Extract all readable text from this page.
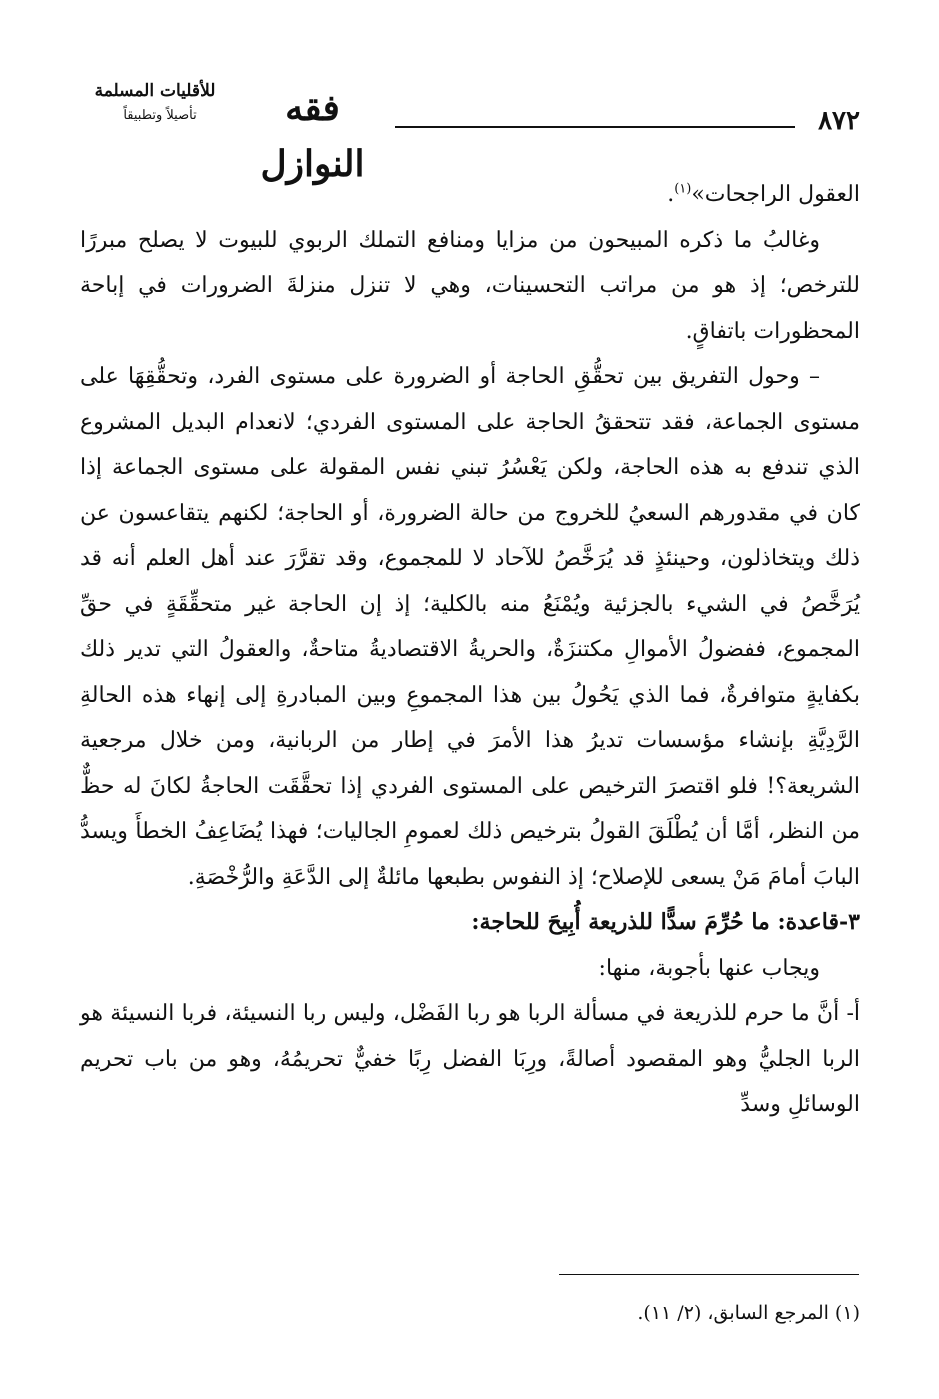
فقه النوازل
للأقليات المسلمة
تأصيلاً وتطبيقاً	٨٧٢

العقول الراجحات»$^{(١)}$.

وغالبُ ما ذكره المبيحون من مزايا ومنافع التملك الربوي للبيوت لا يصلح مبررًا للترخص؛ إذ هو من مراتب التحسينات، وهي لا تنزل منزلةَ الضرورات في إباحة المحظورات باتفاقٍ.

– وحول التفريق بين تحقُّقِ الحاجة أو الضرورة على مستوى الفرد، وتحقُّقِهَا على مستوى الجماعة، فقد تتحققُ الحاجة على المستوى الفردي؛ لانعدام البديل المشروع الذي تندفع به هذه الحاجة، ولكن يَعْسُرُ تبني نفس المقولة على مستوى الجماعة إذا كان في مقدورهم السعيُ للخروج من حالة الضرورة، أو الحاجة؛ لكنهم يتقاعسون عن ذلك ويتخاذلون، وحينئذٍ قد يُرَخَّصُ للآحاد لا للمجموع، وقد تقرَّرَ عند أهل العلم أنه قد يُرَخَّصُ في الشيء بالجزئية ويُمْنَعُ منه بالكلية؛ إذ إن الحاجة غير متحقِّقَةٍ في حقِّ المجموع، ففضولُ الأموالِ مكتنزَةٌ، والحريةُ الاقتصاديةُ متاحةٌ، والعقولُ التي تدير ذلك بكفايةٍ متوافرةٌ، فما الذي يَحُولُ بين هذا المجموعِ وبين المبادرةِ إلى إنهاء هذه الحالةِ الرَّدِيَّةِ بإنشاء مؤسسات تديرُ هذا الأمرَ في إطار من الربانية، ومن خلال مرجعية الشريعة؟! فلو اقتصرَ الترخيص على المستوى الفردي إذا تحقَّقَت الحاجةُ لكانَ له حظٌّ من النظر، أمَّا أن يُطْلَقَ القولُ بترخيص ذلك لعمومِ الجاليات؛ فهذا يُضَاعِفُ الخطأَ ويسدُّ البابَ أمامَ مَنْ يسعى للإصلاح؛ إذ النفوس بطبعها مائلةٌ إلى الدَّعَةِ والرُّخْصَةِ.

٣-قاعدة: ما حُرِّمَ سدًّا للذريعة أُبِيحَ للحاجة:

ويجاب عنها بأجوبة، منها:

أ- أنَّ ما حرم للذريعة في مسألة الربا هو ربا الفَضْل، وليس ربا النسيئة، فربا النسيئة هو الربا الجليُّ وهو المقصود أصالةً، ورِبَا الفضل رِبًا خفيٌّ تحريمُهُ، وهو من باب تحريم الوسائلِ وسدِّ

(١) المرجع السابق، (٢/ ١١).
